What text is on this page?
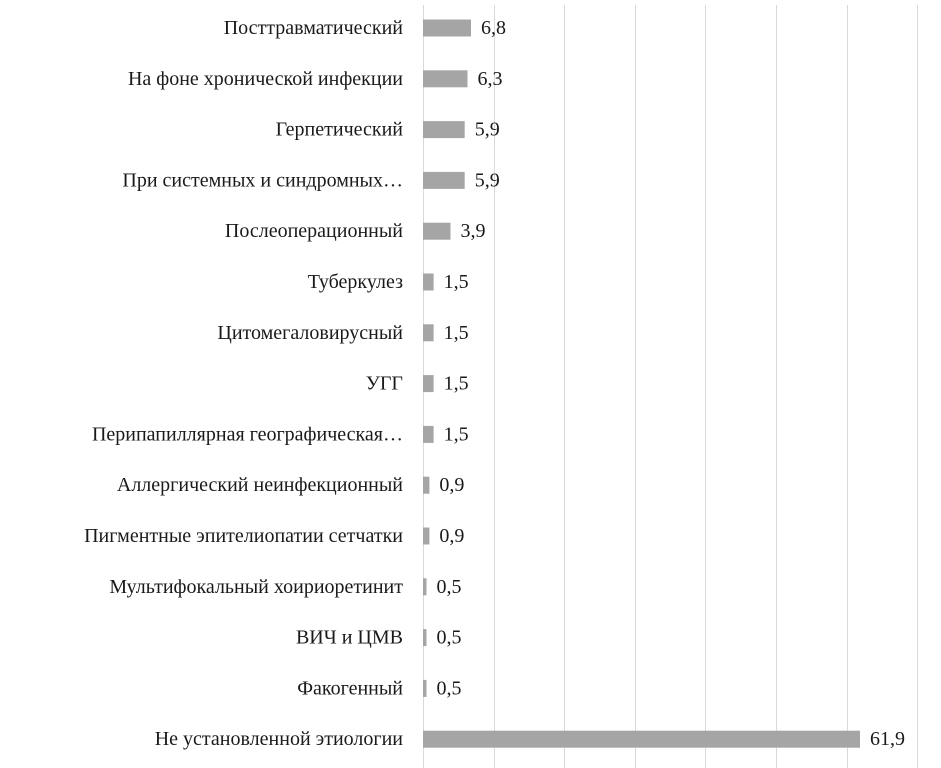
Посттравматический
На фоне хронической инфекции
Герпетический
При системных и синдромных…
Послеоперационный
Туберкулез
Цитомегаловирусный
УГГ
Перипапиллярная географическая…
Аллергический неинфекционный
Пигментные эпителиопатии сетчатки
Мультифокальный хоириоретинит
ВИЧ и ЦМВ
Факогенный
Не установленной этиологии
6,8
6,3
5,9
5,9
3,9
1,5
1,5
1,5
1,5
0,9
0,9
0,5
0,5
0,5
61,9
